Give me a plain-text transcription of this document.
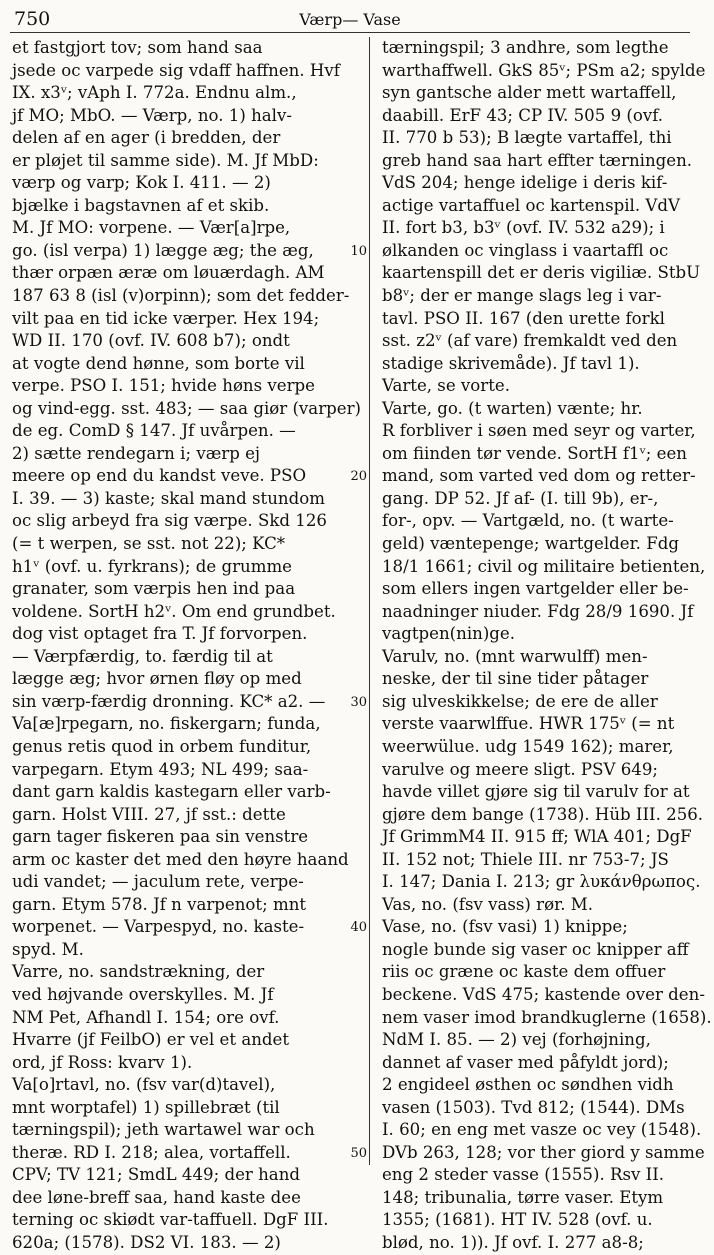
750	Værp— Vase
et fastgjort tov; som hand saa
jsede oc varpede sig vdaff haffnen. Hvf
IX. x3ᵛ; vAph I. 772a. Endnu alm.,
jf MO; MbO. — Værp, no. 1) halv-
delen af en ager (i bredden, der
er pløjet til samme side). M. Jf MbD:
værp og varp; Kok I. 411. — 2)
bjælke i bagstavnen af et skib.
M. Jf MO: vorpene. — Vær[a]rpe,
go. (isl verpa) 1) lægge æg; the æg,
thær orpæn æræ om løuærdagh. AM
187 63 8 (isl (v)orpinn); som det fedder-
vilt paa en tid icke værper. Hex 194;
WD II. 170 (ovf. IV. 608 b7); ondt
at vogte dend hønne, som borte vil
verpe. PSO I. 151; hvide høns verpe
og vind-egg. sst. 483; — saa giør (varper)
de eg. ComD § 147. Jf uvårpen. —
2) sætte rendegarn i; værp ej
meere op end du kandst veve. PSO
I. 39. — 3) kaste; skal mand stundom
oc slig arbeyd fra sig værpe. Skd 126
(= t werpen, se sst. not 22); KC*
h1ᵛ (ovf. u. fyrkrans); de grumme
granater, som værpis hen ind paa
voldene. SortH h2ᵛ. Om end grundbet.
dog vist optaget fra T. Jf forvorpen.
— Værpfærdig, to. færdig til at
lægge æg; hvor ørnen fløy op med
sin værp-færdig dronning. KC* a2. —
Va[æ]rpegarn, no. fiskergarn; funda,
genus retis quod in orbem funditur,
varpegarn. Etym 493; NL 499; saa-
dant garn kaldis kastegarn eller varb-
garn. Holst VIII. 27, jf sst.: dette
garn tager fiskeren paa sin venstre
arm oc kaster det med den høyre haand
udi vandet; — jaculum rete, verpe-
garn. Etym 578. Jf n varpenot; mnt
worpenet. — Varpespyd, no. kaste-
spyd. M.
Varre, no. sandstrækning, der
ved højvande overskylles. M. Jf
NM Pet, Afhandl I. 154; ore ovf.
Hvarre (jf FeilbO) er vel et andet
ord, jf Ross: kvarv 1).
Va[o]rtavl, no. (fsv var(d)tavel),
mnt worptafel) 1) spillebræt (til
tærningspil); jeth wartawel war och
theræ. RD I. 218; alea, vortaffell.
CPV; TV 121; SmdL 449; der hand
dee løne-breff saa, hand kaste dee
terning oc skiødt var-taffuell. DgF III.
620a; (1578). DS2 VI. 183. — 2)
10
20
30
40
50
tærningspil; 3 andhre, som legthe
warthaffwell. GkS 85ᵛ; PSm a2; spylde
syn gantsche alder mett wartaffell,
daabill. ErF 43; CP IV. 505 9 (ovf.
II. 770 b 53); B lægte vartaffel, thi
greb hand saa hart effter tærningen.
VdS 204; henge idelige i deris kif-
actige vartaffuel oc kartenspil. VdV
II. fort b3, b3ᵛ (ovf. IV. 532 a29); i
ølkanden oc vinglass i vaartaffl oc
kaartenspill det er deris vigiliæ. StbU
b8ᵛ; der er mange slags leg i var-
tavl. PSO II. 167 (den urette forkl
sst. z2ᵛ (af vare) fremkaldt ved den
stadige skrivemåde). Jf tavl 1).
Varte, se vorte.
Varte, go. (t warten) vænte; hr.
R forbliver i søen med seyr og varter,
om fiinden tør vende. SortH f1ᵛ; een
mand, som varted ved dom og retter-
gang. DP 52. Jf af- (I. till 9b), er-,
for-, opv. — Vartgæld, no. (t warte-
geld) væntepenge; wartgelder. Fdg
18/1 1661; civil og militaire betienten,
som ellers ingen vartgelder eller be-
naadninger niuder. Fdg 28/9 1690. Jf
vagtpen(nin)ge.
Varulv, no. (mnt warwulff) men-
neske, der til sine tider påtager
sig ulveskikkelse; de ere de aller
verste vaarwlffue. HWR 175ᵛ (= nt
weerwülue. udg 1549 162); marer,
varulve og meere sligt. PSV 649;
havde villet gjøre sig til varulv for at
gjøre dem bange (1738). Hüb III. 256.
Jf GrimmM4 II. 915 ff; WlA 401; DgF
II. 152 not; Thiele III. nr 753-7; JS
I. 147; Dania I. 213; gr λυκάνθρωπος.
Vas, no. (fsv vass) rør. M.
Vase, no. (fsv vasi) 1) knippe;
nogle bunde sig vaser oc knipper aff
riis oc græne oc kaste dem offuer
beckene. VdS 475; kastende over den-
nem vaser imod brandkuglerne (1658).
NdM I. 85. — 2) vej (forhøjning,
dannet af vaser med påfyldt jord);
2 engideel østhen oc søndhen vidh
vasen (1503). Tvd 812; (1544). DMs
I. 60; en eng met vasze oc vey (1548).
DVb 263, 128; vor ther giord y samme
eng 2 steder vasse (1555). Rsv II.
148; tribunalia, tørre vaser. Etym
1355; (1681). HT IV. 528 (ovf. u.
blød, no. 1)). Jf ovf. I. 277 a8-8;
